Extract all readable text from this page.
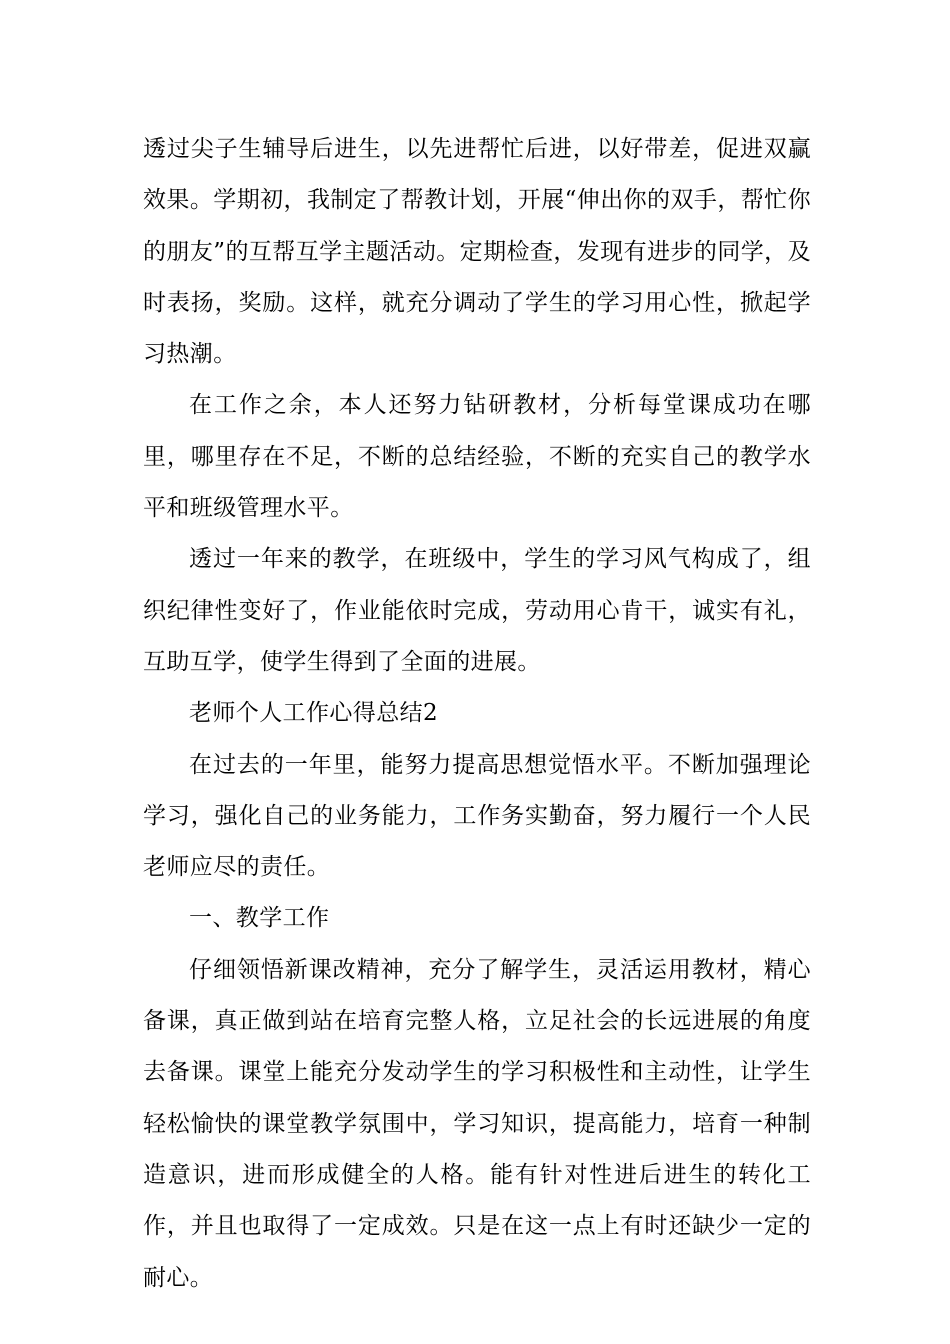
透过尖子生辅导后进生，以先进帮忙后进，以好带差，促进双赢效果。学期初，我制定了帮教计划，开展“伸出你的双手，帮忙你的朋友”的互帮互学主题活动。定期检查，发现有进步的同学，及时表扬，奖励。这样，就充分调动了学生的学习用心性，掀起学习热潮。

在工作之余，本人还努力钻研教材，分析每堂课成功在哪里，哪里存在不足，不断的总结经验，不断的充实自己的教学水平和班级管理水平。

透过一年来的教学，在班级中，学生的学习风气构成了，组织纪律性变好了，作业能依时完成，劳动用心肯干，诚实有礼，互助互学，使学生得到了全面的进展。

老师个人工作心得总结2

在过去的一年里，能努力提高思想觉悟水平。不断加强理论学习，强化自己的业务能力，工作务实勤奋，努力履行一个人民老师应尽的责任。

一、教学工作

仔细领悟新课改精神，充分了解学生，灵活运用教材，精心备课，真正做到站在培育完整人格，立足社会的长远进展的角度去备课。课堂上能充分发动学生的学习积极性和主动性，让学生轻松愉快的课堂教学氛围中，学习知识，提高能力，培育一种制造意识，进而形成健全的人格。能有针对性进后进生的转化工作，并且也取得了一定成效。只是在这一点上有时还缺少一定的耐心。
